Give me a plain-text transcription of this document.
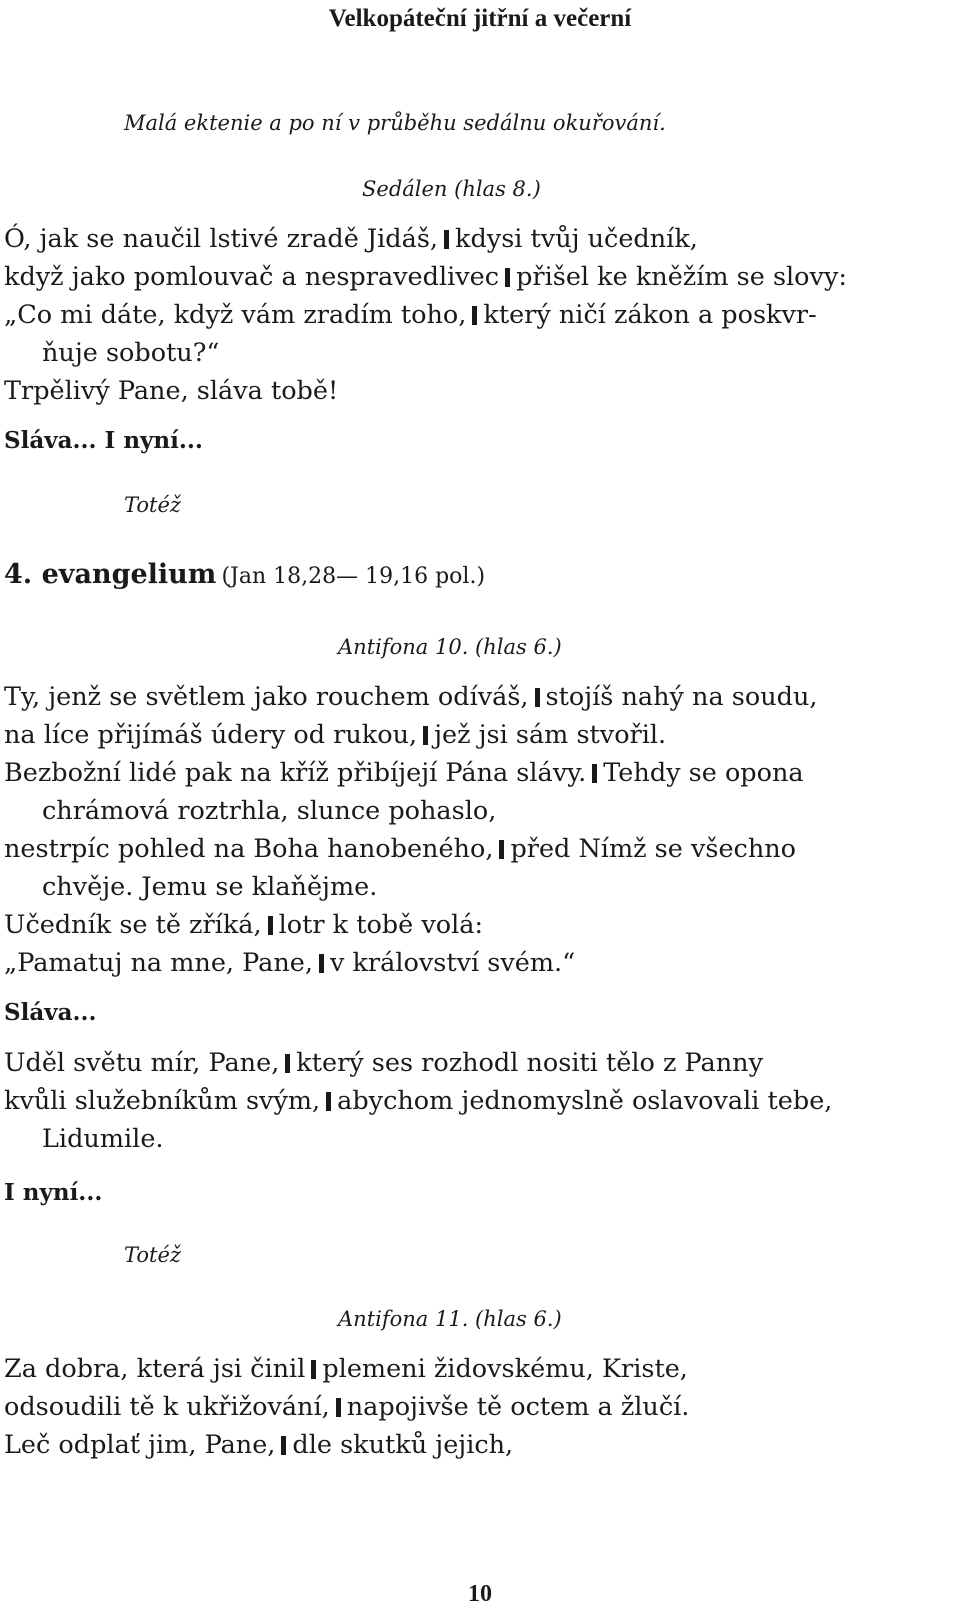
Velkopáteční jitřní a večerní
Malá ektenie a po ní v průběhu sedálnu okuřování.
Sedálen (hlas 8.)
Ó, jak se naučil lstivé zradě Jidáš, kdysi tvůj učedník,
když jako pomlouvač a nespravedlivec přišel ke kněžím se slovy:
„Co mi dáte, když vám zradím toho, který ničí zákon a poskvr-
ňuje sobotu?“
Trpělivý Pane, sláva tobě!
Sláva... I nyní...
Totéž
4. evangelium (Jan 18,28— 19,16 pol.)
Antifona 10. (hlas 6.)
Ty, jenž se světlem jako rouchem odíváš, stojíš nahý na soudu,
na líce přijímáš údery od rukou, jež jsi sám stvořil.
Bezbožní lidé pak na kříž přibíjejí Pána slávy. Tehdy se opona
chrámová roztrhla, slunce pohaslo,
nestrpíc pohled na Boha hanobeného, před Nímž se všechno
chvěje. Jemu se klaňějme.
Učedník se tě zříká, lotr k tobě volá:
„Pamatuj na mne, Pane, v království svém.“
Sláva...
Uděl světu mír, Pane, který ses rozhodl nositi tělo z Panny
kvůli služebníkům svým, abychom jednomyslně oslavovali tebe,
Lidumile.
I nyní...
Totéž
Antifona 11. (hlas 6.)
Za dobra, která jsi činil plemeni židovskému, Kriste,
odsoudili tě k ukřižování, napojivše tě octem a žlučí.
Leč odplať jim, Pane, dle skutků jejich,
10
